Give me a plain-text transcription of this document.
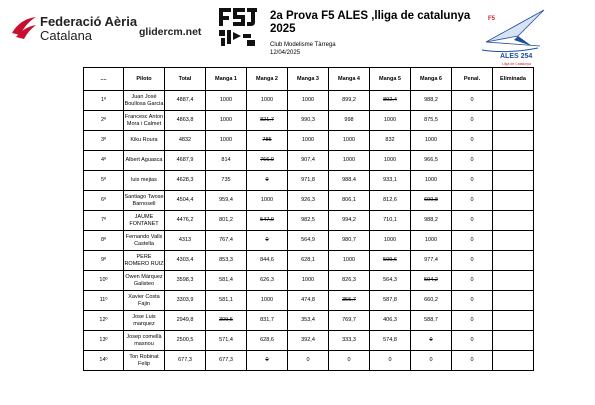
Federació Aèria
Catalana	glidercm.net
2a Prova F5 ALES ,lliga de catalunya
2025
Club Modelisme Tàrrega
12/04/2025
F5
ALES 254
Lliga de Catalunya
....	Piloto	Total	Manga 1	Manga 2	Manga 3	Manga 4	Manga 5	Manga 6	Penal.	Eliminada
1º	Juan José Boullosa Garcia	4887,4	1000	1000	1000	899,2	892,4	988,2	0	
2º	Francesc Anton Mora i Calmet	4863,8	1000	821,7	990,3	998	1000	875,5	0	
3º	Kiku Roura	4832	1000	785	1000	1000	832	1000	0	
4º	Albert Aguasca	4687,9	814	766,9	907,4	1000	1000	966,5	0	
5º	luis mejias	4628,3	735	0	971,8	988,4	933,1	1000	0	
6º	Santiago Twose Barnosell	4504,4	959,4	1000	926,3	806,1	812,6	690,8	0	
7º	JAUME FONTANET	4476,2	801,2	547,9	982,5	994,2	710,1	988,2	0	
8º	Fernando Valls Castella	4313	767,4	0	564,9	980,7	1000	1000	0	
9º	PERE ROMERO RUIZ	4303,4	853,3	844,6	628,1	1000	509,6	977,4	0	
10º	Owen Márquez Galisteo	3598,3	581,4	626,3	1000	826,3	564,3	504,2	0	
11º	Xavier Costa Fajin	3303,9	581,1	1000	474,8	355,7	587,8	660,2	0	
12º	Jose Luis marquez	2949,8	309,5	831,7	353,4	769,7	406,3	588,7	0	
13º	Josep comellà masnou	2500,5	571,4	628,6	392,4	333,3	574,8	0	0	
14º	Ton Robinat Felip	677,3	677,3	0	0	0	0	0	0	
